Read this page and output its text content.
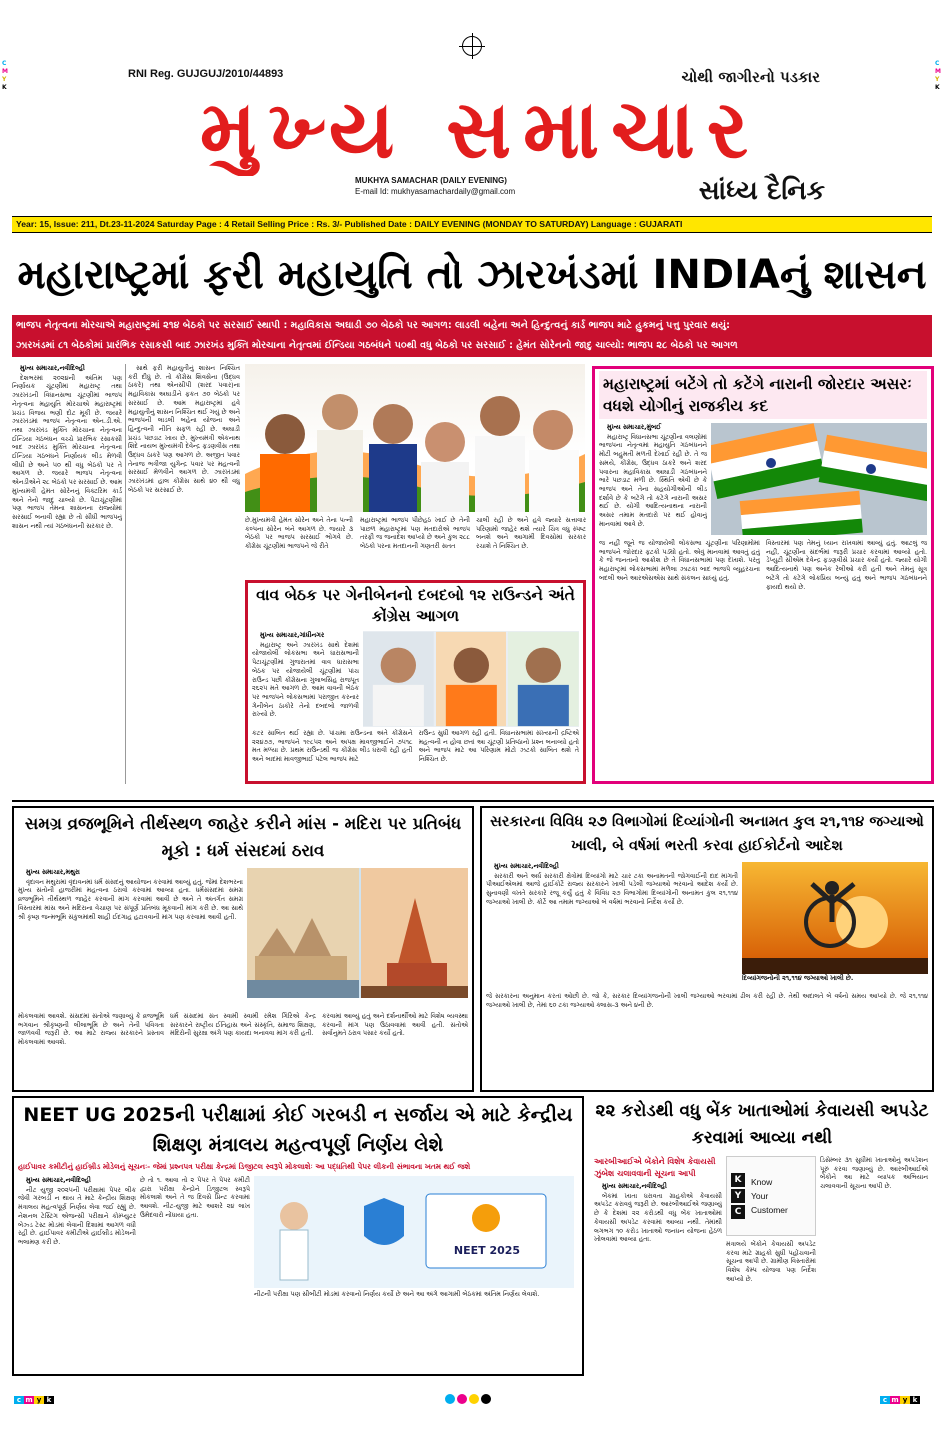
C
M
Y
K
C
M
Y
K
RNI Reg. GUJGUJ/2010/44893	ચોથી જાગીરનો પડકાર
મુખ્ય સમાચાર
MUKHYA SAMACHAR (DAILY EVENING)
E-mail Id: mukhyasamachardaily@gmail.com	સાંધ્ય દૈનિક
Year: 15, Issue: 211, Dt.23-11-2024 Saturday Page : 4 Retail Selling Price : Rs. 3/- Published Date : DAILY EVENING (MONDAY TO SATURDAY) Language : GUJARATI
મહારાષ્ટ્રમાં ફરી મહાયુતિ તો ઝારખંડમાં INDIAનું શાસન
ભાજપ નેતૃત્વના મોરચાએ મહારાષ્ટ્રમાં ૨૧૪ બેઠકો પર સરસાઈ સ્થાપી : મહાવિકાસ અઘાડી ૭૦ બેઠકો પર આગળ: લાડલી બહેના અને હિન્દુત્વનું કાર્ડ ભાજપ માટે હુકમનું પત્તુ પુરવાર થયું:
ઝારખંડમાં ૮૧ બેઠકોમાં પ્રારંભિક રસાકસી બાદ ઝારખંડ મુક્તિ મોરચાના નેતૃત્વમાં ઈન્ડિયા ગઠબંધને ૫૦થી વધુ બેઠકો પર સરસાઈ : હેમંત સોરેનનો જાદુ ચાલ્યો: ભાજપ ૨૮ બેઠકો પર આગળ

મુખ્ય સમાચાર,નવીદિલ્હી

દેશભરમાં ૨૦૨૪ની અંતિમ પણ નિર્ણાયક ચૂંટણીમાં મહારાષ્ટ્ર તથા ઝારખંડની વિધાનસભા ચૂંટણીમાં ભાજપ નેતૃત્વના મહાયુતિ મોરચાએ મહારાષ્ટ્રમાં પ્રચંડ વિજય ભણી દોટ મૂકી છે. જયારે ઝારખંડમાં ભાજપ નેતૃત્વના એન.ડી.એ. તથા ઝારખંડ મુક્તિ મોરચાના નેતૃત્વના ઈન્ડિયા ગઠબંધન વચ્ચે પ્રારંભિક રસાકસી બાદ ઝારખંડ મુક્તિ મોરચાના નેતૃત્વના ઈન્ડિયા ગઠબંધને નિર્ણાયક લીડ મેળવી લીધી છે અને ૫૦ થી વધુ બેઠકો પર તે આગળ છે. જયારે ભાજપ નેતૃત્વના એનડીએને ૨૮ બેઠકો પર સરસાઈ છે. આમ મુખ્યમંત્રી હેમંત સોરેનનું વિક્ટરિમ કાર્ડ અને તેનો જાદુ ચાલ્યો છે. પેટાચૂંટણીમાં પણ ભાજપ તેમના શાસનના રાજ્યોમાં સરસાઈ બનાવી રહ્યા છે તો સીધી ભાજપનું શાસન નથી ત્યાં ગઠબંધનની સરકાર છે.

સાથે ફરી મહાયુતીનું શાસન નિશ્ચિત કરી દીધું છે. તો કોંગ્રેસ શિવસેના (ઉદ્ધવ ઠાકરે) તથા એનસીપી (શરદ પવાર)ના મહાવિકાસ અઘાડીને ફકત ૭૦ બેઠકો પર સરસાઈ છે. આમ મહારાષ્ટ્રમાં હવે મહાયુતીનું શાસન નિશ્ચિત થઈ ગયું છે અને ભાજપની લાડલી બહેના યોજના અને હિન્દુત્વની નીતિ સફળ રહી છે. અઘાડી પ્રચંડ પછડાટ ખાય છે. મુખ્યમંત્રી એકનાથ શિંદે નાયબ મુખ્યમંત્રી દેવેન્દ્ર ફડણવીસ તથા ઉદ્ધવ ઠાકરે પણ આગળ છે. અજીત પવાર તેનાજ ભત્રીજા યુગેન્દ્ર પવાર પર મહત્વની સરસાઈ મેળવીને આગળ છે. ઝારખંડમાં ઝારખંડમાં હાલ કોંગ્રેસ સાથે ૪૦ થી વધુ બેઠકો પર સરસાઈ છે.

છે.મુખ્યમંત્રી હેમંત સોરેન અને તેના પત્ની કલ્પના સોરેન બંને આગળ છે. જયારે ૩ બેઠકો પર ભાજપ સરસાઈ ભોગવે છે. કોંગ્રેસ ચૂંટણીમાં ભાજપને જે રીતે
મહારાષ્ટ્રમાં ભાજપ પીછેહઠ ખાઈ છે તેની પાછળ મહારાષ્ટ્રમાં પણ મતદારોએ ભાજપ તરફી જ જનાદેશ આપ્યો છે અને કુલ ૨૮૮ બેઠકો પરના મતદાનની ગણતરી સતત
ચાલી રહી છે અને હવે જ્યારે સત્તાવાર પરિણામો જાહેર થશે ત્યારે ચિત્ર વધુ સ્પષ્ટ બનશે અને આગામી દિવસોમાં સરકાર રચાશે તે નિશ્ચિત છે.
મહારાષ્ટ્રમાં બટેંગે તો કટેંગે નારાની જોરદાર અસરઃ વધશે યોગીનું રાજકીય કદ

મુખ્ય સમાચાર,મુંબઈ

મહારાષ્ટ્ર વિધાનસભા ચૂંટણીના વલણોમાં ભાજપના નેતૃત્વમાં મહાયુતિ ગઠબંધનને મોટી બહુમતી મળતી દેખાઈ રહી છે. તે જ સમયે, કોંગ્રેસ, ઉદ્ધવ ઠાકરે અને શરદ પવારના મહાવિકાસ આઘાડી ગઠબંધનને ભારે પછડાટ મળી છે. સ્થિતિ એવી છે કે ભાજપ અને તેના સહયોગીઓની લીડ દર્શાવે છે કે બટેંગે તો કટેંગે નારાની અસર થઈ છે. યોગી આદિત્યનાથના નારાની અસર તમામ મતદારો પર થઈ હોવાનું માનવામાં આવે છે.

જ નહીં જૂને જ યોજાયેલી લોકસભા ચૂંટણીના પરિણામોમાં ભાજપને જોરદાર ફટકો પડ્યો હતો. એવું માનવામાં આવતું હતું કે જે જનતાનો આક્રોશ છે તે વિધાનસભામાં પણ દેખાશે. પરંતુ મહારાષ્ટ્રમાં લોકસભામાં મળેલા ઝાટકા બાદ ભાજપે વ્યૂહરચના બદલી અને આરએસએસ સાથે સંકલન સાધ્યું હતું.
વિસ્તારમાં પણ તેમનું ધ્યાન રાખવામાં આવ્યું હતું. આટલું જ નહીં, ચૂંટણીના સંદર્ભમાં જરૂરી પ્રચાર કરવામાં આવ્યો હતો. ડેપ્યુટી સીએમ દેવેન્દ્ર ફડણવીસે પ્રચાર કર્યો હતો. જ્યારે યોગી આદિત્યનાથે પણ અનેક રેલીઓ કરી હતી અને તેમનું સૂત્ર બટેંગે તો કટેંગે લોકપ્રિય બન્યું હતું અને ભાજપ ગઠબંધનને ફાયદો થયો છે.
વાવ બેઠક પર ગેનીબેનનો દબદબો ૧૨ રાઉન્ડને અંતે કોંગ્રેસ આગળ

મુખ્ય સમાચાર,ગાંધીનગર

મહારાષ્ટ્ર અને ઝારખંડ સાથે દેશમાં યોજાયેલી લોકસભા અને ધારાસભાની પેટાચૂંટણીમાં ગુજરાતમાં વાવ ધારાસભા બેઠક પર યોજાયેલી ચૂંટણીમાં પાંચ રાઉન્ડ પછી કોંગ્રેસના ગુલાબસિંહ રાજપૂત ૨૬૨૫ મતે આગળ છે. આમ વાવની બેઠક પર ભાજપને લોકસભામાં પરાજીત કરનાર ગેનીબેન ઠાકોરે તેનો દબદબો જાળવી રાખ્યો છે.

કટર સાબિત થઈ રહ્યા છે. પાંચમા રાઉન્ડના અંતે કોંગ્રેસને ૨૨૪૭૭, ભાજપને ૧૯૮૫૨ અને અપક્ષ માવજીભાઈને ૭૫૧૮ મત મળ્યા છે. પ્રથમ રાઉન્ડથી જ કોંગ્રેસ લીડ ધરાવી રહી હતી અને બાદમાં માવજીભાઈ પટેલ ભાજપ માટે
રાઉન્ડ સુધી આગળ રહી હતી. વિધાનસભામાં સંખ્યાની દ્રષ્ટિએ મહત્વની ન હોવા છતાં આ ચૂંટણી પ્રતિષ્ઠાનો પ્રશ્ન બનાવ્યો હતો અને ભાજપ માટે આ પરિણામ મોટો ઝટકો સાબિત થશે તે નિશ્ચિત છે.
સમગ્ર વ્રજભૂમિને તીર્થસ્થળ જાહેર કરીને માંસ - મદિરા પર પ્રતિબંધ મૂકો : ધર્મ સંસદમાં ઠરાવ

મુખ્ય સમાચાર,મથુરા

વૃંદાવન મથુરામાં વૃંદાવનમાં ધર્મ સંસદનું આયોજન કરવામાં આવ્યું હતું. જેમાં દેશભરના મુખ્ય સંતોની હાજરીમાં મહત્વના ઠરાવો કરવામાં આવ્યા હતા. ધર્મસંસદમાં સમગ્ર વ્રજભૂમિને તીર્થસ્થળ જાહેર કરવાની માંગ કરવામાં આવી છે અને તે અંતર્ગત સમગ્ર વિસ્તારમાં માંસ અને મદિરાના વેચાણ પર સંપૂર્ણ પ્રતિબંધ મૂકવાની માંગ કરી છે. આ સાથે શ્રી કૃષ્ણ જન્મભૂમિ સંકુલમાંથી શાહી ઈદગાહ હટાવવાની માંગ પણ કરવામાં આવી હતી.

મોકલવામાં આવશે. સંસદમાં સંતોએ જણાવ્યું કે વ્રજભૂમિ ભગવાન શ્રીકૃષ્ણની લીલાભૂમિ છે અને તેની પવિત્રતા જાળવવી જરૂરી છે. આ માટે રાજ્ય સરકારને પ્રસ્તાવ મોકલવામાં આવશે.
ધર્મ સંસદમાં સંત સ્વામી સ્વામી રમેશ ગિરિએ કેન્દ્ર સરકારને રાષ્ટ્રીય ઈતિહાસ અને સંસ્કૃતિ, સમાજ શિક્ષણ, મંદિરોની સુરક્ષા અંગે પણ કાયદા બનાવવા માંગ કરી હતી.
કરવામાં આવ્યું હતું અને દર્શનાર્થીઓ માટે વિશેષ વ્યવસ્થા કરવાની માંગ પણ ઉઠાવવામાં આવી હતી. સંતોએ સર્વાનુમતે ઠરાવ પસાર કર્યો હતો.
સરકારના વિવિધ ૨૭ વિભાગોમાં દિવ્યાંગોની અનામત કુલ ૨૧,૧૧૪ જગ્યાઓ ખાલી, બે વર્ષમાં ભરતી કરવા હાઈકોર્ટનો આદેશ

મુખ્ય સમાચાર,નવીદિલ્હી

સરકારી અને અર્ધ સરકારી ક્ષેત્રોમાં દિવ્યાંગો માટે ચાર ટકા અનામતની જોગવાઈની દાદ માંગતી પીઆઈએલમાં આજે હાઈકોર્ટે રાજ્ય સરકારને ખાલી પડેલી જગ્યાઓ ભરવાનો આદેશ કર્યો છે. સુનાવણી વખતે સરકારે રજૂ કર્યું હતું કે વિવિધ ૨૭ વિભાગોમાં દિવ્યાંગોની અનામત કુલ ૨૧,૧૧૪ જગ્યાઓ ખાલી છે. કોર્ટે આ તમામ જગ્યાઓ બે વર્ષમાં ભરવાનો નિર્દેશ કર્યો છે.

દિવ્યાંગજનોની ૨૧,૧૧૪ જગ્યાઓ ખાલી છે.
જે સરકારના અનુમાન કરતાં ઓછી છે. જો કે, સરકાર દિવ્યાંગજનોની ખાલી જગ્યાઓ ભરવામાં ઢીલ કરી રહી છે. તેથી અદાલતે બે વર્ષનો સમય આપ્યો છે. જે ૨૧,૧૧૪ જગ્યાઓ ખાલી છે, તેમાં ૬૦ ટકા જગ્યાઓ ક્લાસ-૩ અને ૪ની છે.
NEET UG 2025ની પરીક્ષામાં કોઈ ગરબડી ન સર્જાય એ માટે કેન્દ્રીય શિક્ષણ મંત્રાલય મહત્વપૂર્ણ નિર્ણય લેશે
હાઈપાવર કમીટીનું હાઈબ્રીડ મોડેલનું સૂચનઃ- જેમાં પ્રશ્નપત્ર પરીક્ષા કેન્દ્રમાં ડિજીટલ સ્વરૂપે મોકલાશેઃ આ પદ્ધતિથી પેપર લીકની સંભાવના ખતમ થઈ જશે

મુખ્ય સમાચાર,નવીદિલ્હી

નીટ યુજી ૨૦૨૫ની પરીક્ષામાં પેપર લીક જેવી ગરબડી ન થાય તે માટે કેન્દ્રીય શિક્ષણ મંત્રાલય મહત્વપૂર્ણ નિર્ણય લેવા જઈ રહ્યું છે. નેશનલ ટેસ્ટિંગ એજન્સી પરીક્ષાને કોમ્પ્યુટર બેઝ્ડ ટેસ્ટ મોડમાં લેવાની દિશામાં આગળ વધી રહી છે. હાઈપાવર કમીટીએ હાઈબ્રીડ મોડેલની ભલામણ કરી છે.

છે તો ૧. આવા તો ૨ પેપર તે પેપર કમીટી દ્વારા પરીક્ષા કેન્દ્રોને ડિજીટલ સ્વરૂપે મોકલાશે અને તે જ દિવસે પ્રિન્ટ કરવામાં આવશે. નીટ-યુજી માટે આશરે ૨૪ લાખ ઉમેદવારો નોંધાયા હતા.
NEET 2025
નીટની પરીક્ષા પણ સીબીટી મોડમાં કરવાનો નિર્ણય કર્યો છે અને આ અંગે આગામી બેઠકમાં અંતિમ નિર્ણય લેવાશે.
૨૨ કરોડથી વધુ બેંક ખાતાઓમાં કેવાયસી અપડેટ કરવામાં આવ્યા નથી
આરબીઆઈએ બેંકોને વિશેષ કેવાયસી ઝુંબેશ ચલાવવાની સૂચના આપી

મુખ્ય સમાચાર,નવીદિલ્હી

બેંકમાં ખાતા ધરાવતા ગ્રાહકોએ કેવાયસી અપડેટ કરાવવું જરૂરી છે. આરબીઆઈએ જણાવ્યું છે કે દેશમાં ૨૨ કરોડથી વધુ બેંક ખાતાઓમાં કેવાયસી અપડેટ કરવામાં આવ્યા નથી. તેમાંથી લગભગ ૧૦ કરોડ ખાતાઓ જનધન યોજના હેઠળ ખોલવામાં આવ્યા હતા.

K
Y
C
Know
Your
Customer
મંત્રાલયે બેંકોને કેવાયસી અપડેટ કરવા માટે ગ્રાહકો સુધી પહોંચવાની સૂચના આપી છે. ગ્રામીણ વિસ્તારોમાં વિશેષ કેમ્પ યોજવા પણ નિર્દેશ આપ્યો છે.
ડિસેમ્બર ૩૧ સુધીમાં ખાતાઓનું અપડેશન પૂરું કરવા જણાવ્યું છે. આરબીઆઈએ બેંકોને આ માટે વ્યાપક અભિયાન ચલાવવાની સૂચના આપી છે.
c m y k	c m y k
